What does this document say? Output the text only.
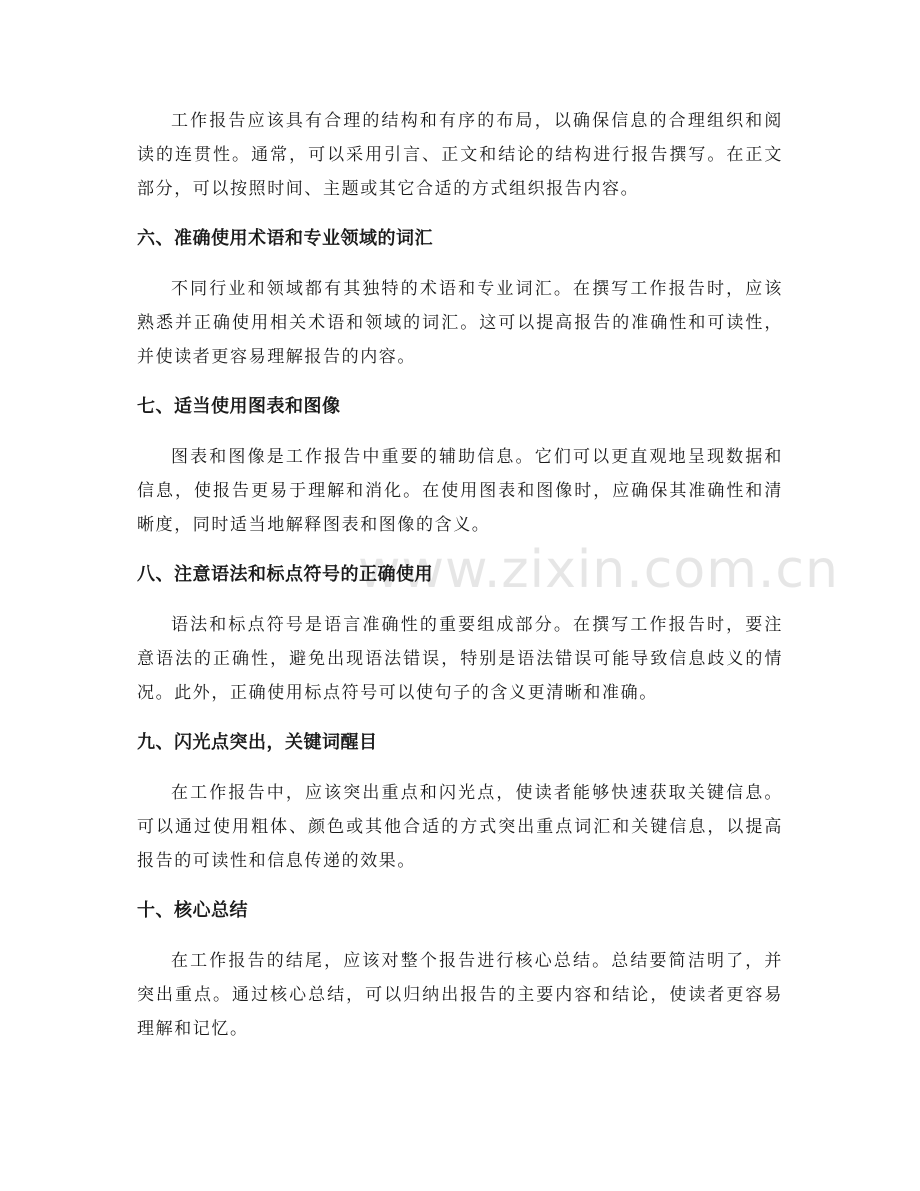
www.zixin.com.cn

工作报告应该具有合理的结构和有序的布局，以确保信息的合理组织和阅读的连贯性。通常，可以采用引言、正文和结论的结构进行报告撰写。在正文部分，可以按照时间、主题或其它合适的方式组织报告内容。

六、准确使用术语和专业领域的词汇

不同行业和领域都有其独特的术语和专业词汇。在撰写工作报告时，应该熟悉并正确使用相关术语和领域的词汇。这可以提高报告的准确性和可读性，并使读者更容易理解报告的内容。

七、适当使用图表和图像

图表和图像是工作报告中重要的辅助信息。它们可以更直观地呈现数据和信息，使报告更易于理解和消化。在使用图表和图像时，应确保其准确性和清晰度，同时适当地解释图表和图像的含义。

八、注意语法和标点符号的正确使用

语法和标点符号是语言准确性的重要组成部分。在撰写工作报告时，要注意语法的正确性，避免出现语法错误，特别是语法错误可能导致信息歧义的情况。此外，正确使用标点符号可以使句子的含义更清晰和准确。

九、闪光点突出，关键词醒目

在工作报告中，应该突出重点和闪光点，使读者能够快速获取关键信息。可以通过使用粗体、颜色或其他合适的方式突出重点词汇和关键信息，以提高报告的可读性和信息传递的效果。

十、核心总结

在工作报告的结尾，应该对整个报告进行核心总结。总结要简洁明了，并突出重点。通过核心总结，可以归纳出报告的主要内容和结论，使读者更容易理解和记忆。
